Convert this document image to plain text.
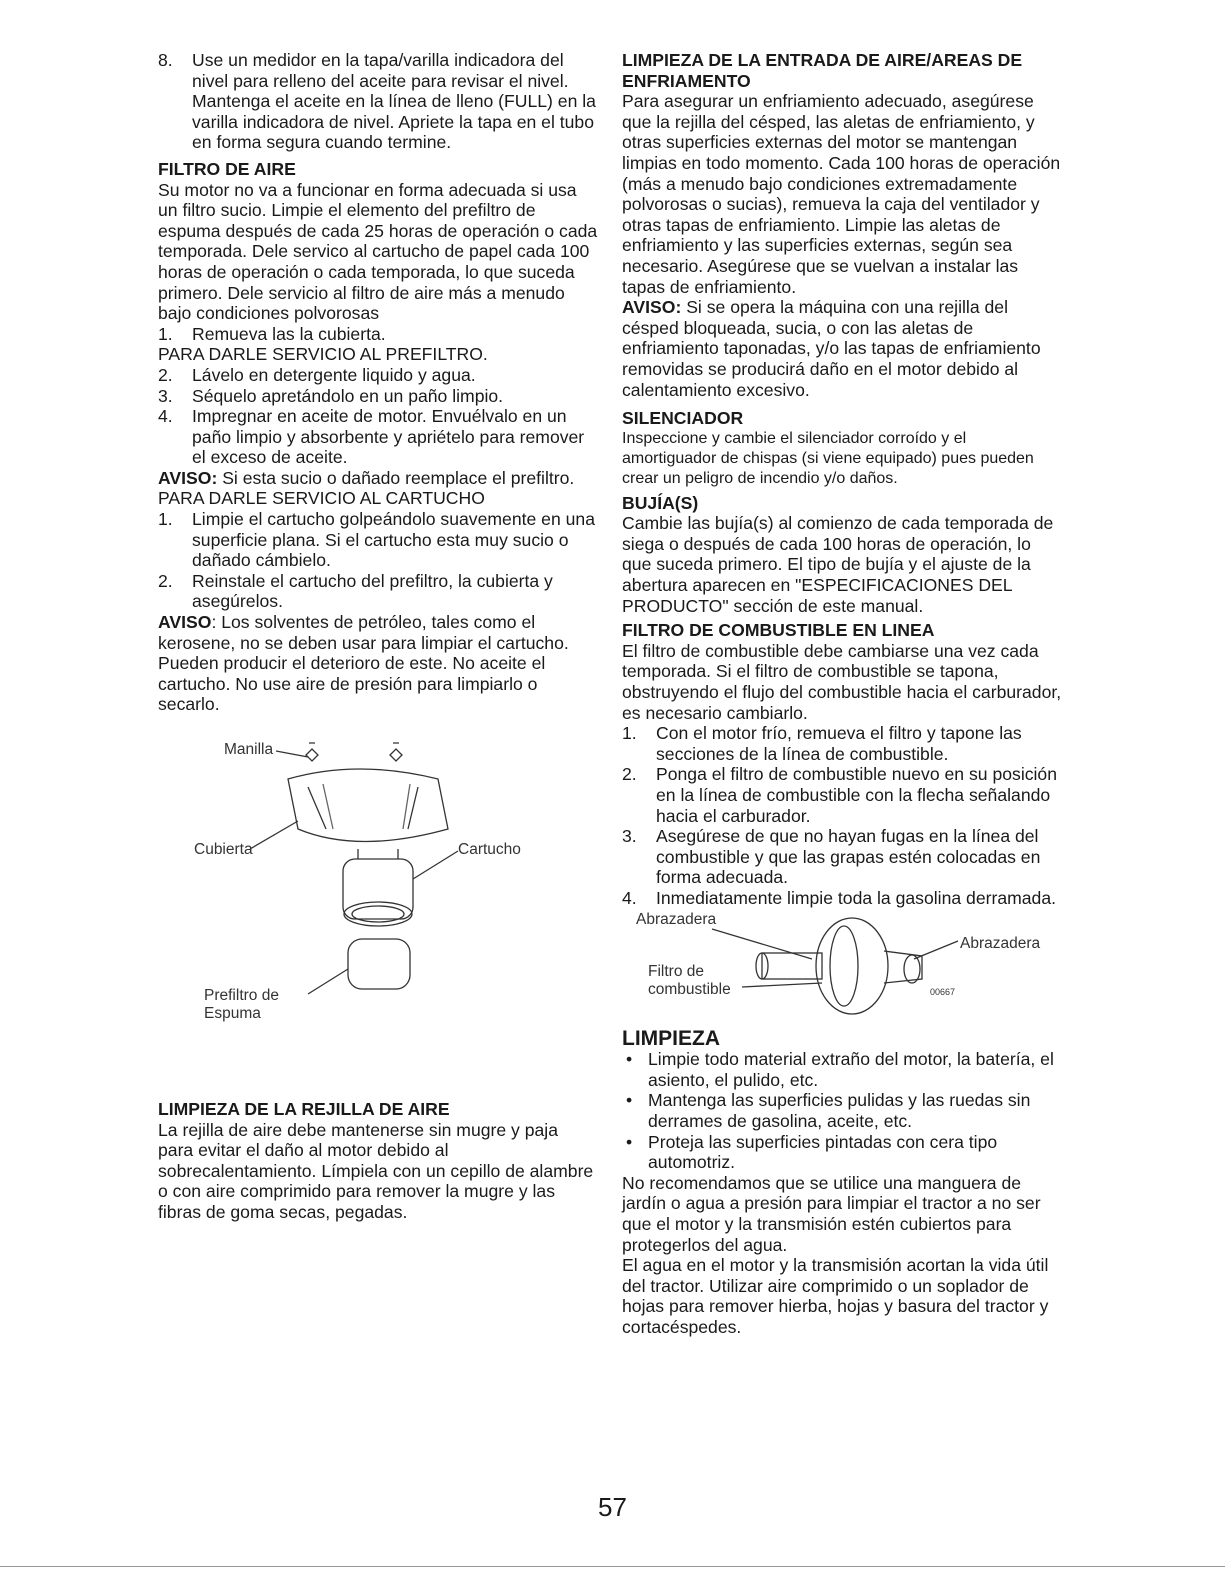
8. Use un medidor en la tapa/varilla indicadora del nivel para relleno del aceite para revisar el nivel. Mantenga el aceite en la línea de lleno (FULL) en la varilla indicadora de nivel. Apriete la tapa en el tubo en forma segura cuando termine.

FILTRO DE AIRE

Su motor no va a funcionar en forma adecuada si usa un filtro sucio. Limpie el elemento del prefiltro de espuma después de cada 25 horas de operación o cada temporada. Dele servico al cartucho de papel cada 100 horas de operación o cada temporada, lo que suceda primero. Dele servicio al filtro de aire más a menudo bajo condiciones polvorosas

1. Remueva las la cubierta.

PARA DARLE SERVICIO AL PREFILTRO.

2. Lávelo en detergente liquido y agua.
3. Séquelo apretándolo en un paño limpio.
4. Impregnar en aceite de motor. Envuélvalo en un paño limpio y absorbente y apriételo para remover el exceso de aceite.

AVISO: Si esta sucio o dañado reemplace el prefiltro.

PARA DARLE SERVICIO AL CARTUCHO

1. Limpie el cartucho golpeándolo suavemente en una superficie plana. Si el cartucho esta muy sucio o dañado cámbielo.
2. Reinstale el cartucho del prefiltro, la cubierta y asegúrelos.

AVISO: Los solventes de petróleo, tales como el kerosene, no se deben usar para limpiar el cartucho. Pueden producir el deterioro de este. No aceite el cartucho. No use aire de presión para limpiarlo o secarlo.

Manilla
Cubierta	Cartucho
Prefiltro de
Espuma

LIMPIEZA DE LA REJILLA DE AIRE

La rejilla de aire debe mantenerse sin mugre y paja para evitar el daño al motor debido al sobrecalentamiento. Límpiela con un cepillo de alambre o con aire comprimido para remover la mugre y las fibras de goma secas, pegadas.

LIMPIEZA DE LA ENTRADA DE AIRE/AREAS DE ENFRIAMENTO

Para asegurar un enfriamiento adecuado, asegúrese que la rejilla del césped, las aletas de enfriamiento, y otras superficies externas del motor se mantengan limpias en todo momento. Cada 100 horas de operación (más a menudo bajo condiciones extremadamente polvorosas o sucias), remueva la caja del ventilador y otras tapas de enfriamiento. Limpie las aletas de enfriamiento y las superficies externas, según sea necesario. Asegúrese que se vuelvan a instalar las tapas de enfriamiento.

AVISO: Si se opera la máquina con una rejilla del césped bloqueada, sucia, o con las aletas de enfriamiento taponadas, y/o las tapas de enfriamiento removidas se producirá daño en el motor debido al calentamiento excesivo.

SILENCIADOR

Inspeccione y cambie el silenciador corroído y el amortiguador de chispas (si viene equipado) pues pueden crear un peligro de incendio y/o daños.

BUJÍA(S)

Cambie las bujía(s) al comienzo de cada temporada de siega o después de cada 100 horas de operación, lo que suceda primero. El tipo de bujía y el ajuste de la abertura aparecen en "ESPECIFICACIONES DEL PRODUCTO" sección de este manual.

FILTRO DE COMBUSTIBLE EN LINEA

El filtro de combustible debe cambiarse una vez cada temporada. Si el filtro de combustible se tapona, obstruyendo el flujo del combustible hacia el carburador, es necesario cambiarlo.

1. Con el motor frío, remueva el filtro y tapone las secciones de la línea de combustible.
2. Ponga el filtro de combustible nuevo en su posición en la línea de combustible con la flecha señalando hacia el carburador.
3. Asegúrese de que no hayan fugas en la línea del combustible y que las grapas estén colocadas en forma adecuada.
4. Inmediatamente limpie toda la gasolina derramada.
Abrazadera
Abrazadera
Filtro de
combustible	00667

LIMPIEZA

• Limpie todo material extraño del motor, la batería, el asiento, el pulido, etc.
• Mantenga las superficies pulidas y las ruedas sin derrames de gasolina, aceite, etc.
• Proteja las superficies pintadas con cera tipo automotriz.

No recomendamos que se utilice una manguera de jardín o agua a presión para limpiar el tractor a no ser que el motor y la transmisión estén cubiertos para protegerlos del agua.

El agua en el motor y la transmisión acortan la vida útil del tractor. Utilizar aire comprimido o un soplador de hojas para remover hierba, hojas y basura del tractor y cortacéspedes.

57
